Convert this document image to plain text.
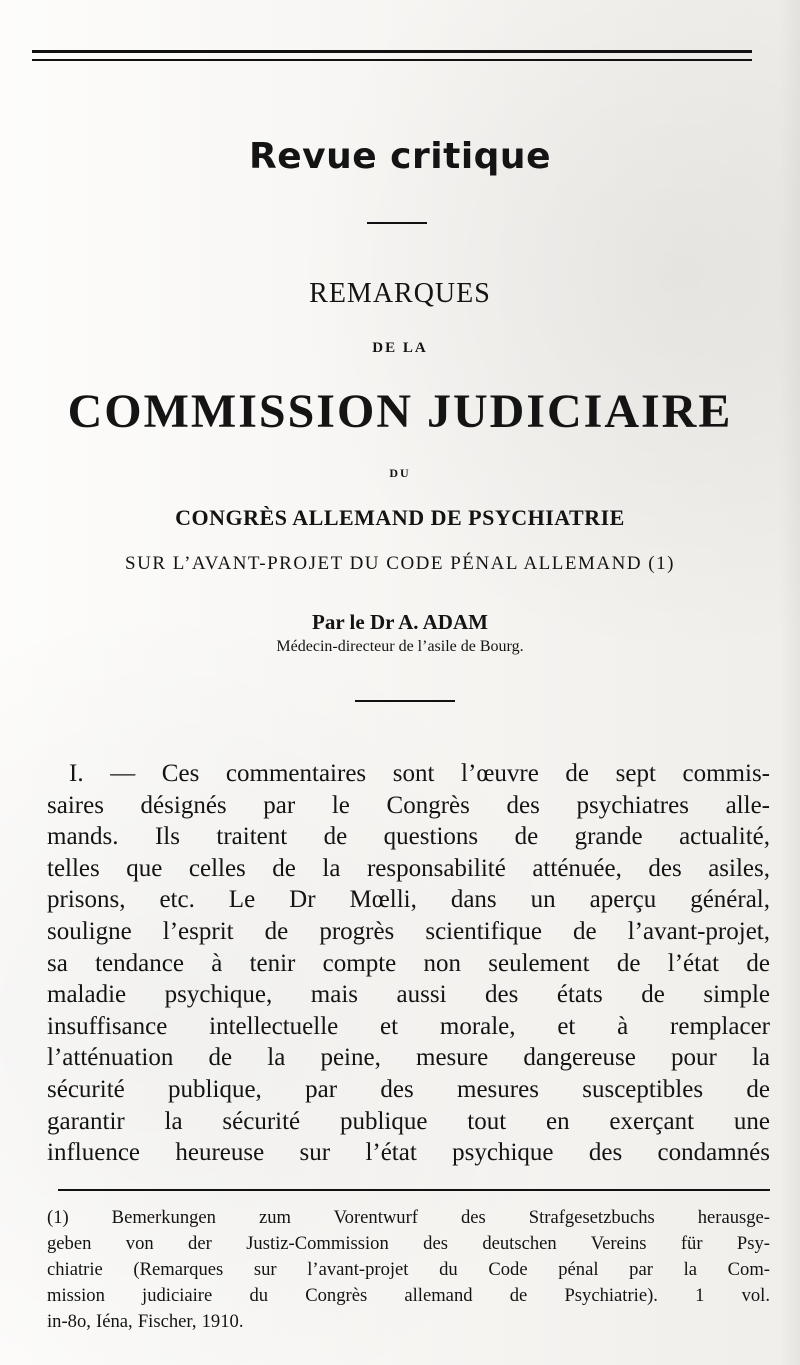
Revue critique
REMARQUES
DE LA
COMMISSION JUDICIAIRE
DU
CONGRÈS ALLEMAND DE PSYCHIATRIE
SUR L’AVANT-PROJET DU CODE PÉNAL ALLEMAND (1)
Par le Dr A. ADAM
Médecin-directeur de l’asile de Bourg.
I. — Ces commentaires sont l’œuvre de sept commis-
saires désignés par le Congrès des psychiatres alle-
mands. Ils traitent de questions de grande actualité,
telles que celles de la responsabilité atténuée, des asiles,
prisons, etc. Le Dr Mœlli, dans un aperçu général,
souligne l’esprit de progrès scientifique de l’avant-projet,
sa tendance à tenir compte non seulement de l’état de
maladie psychique, mais aussi des états de simple
insuffisance intellectuelle et morale, et à remplacer
l’atténuation de la peine, mesure dangereuse pour la
sécurité publique, par des mesures susceptibles de
garantir la sécurité publique tout en exerçant une
influence heureuse sur l’état psychique des condamnés
(1) Bemerkungen zum Vorentwurf des Strafgesetzbuchs herausge-
geben von der Justiz-Commission des deutschen Vereins für Psy-
chiatrie (Remarques sur l’avant-projet du Code pénal par la Com-
mission judiciaire du Congrès allemand de Psychiatrie). 1 vol.
in-8o, Iéna, Fischer, 1910.
